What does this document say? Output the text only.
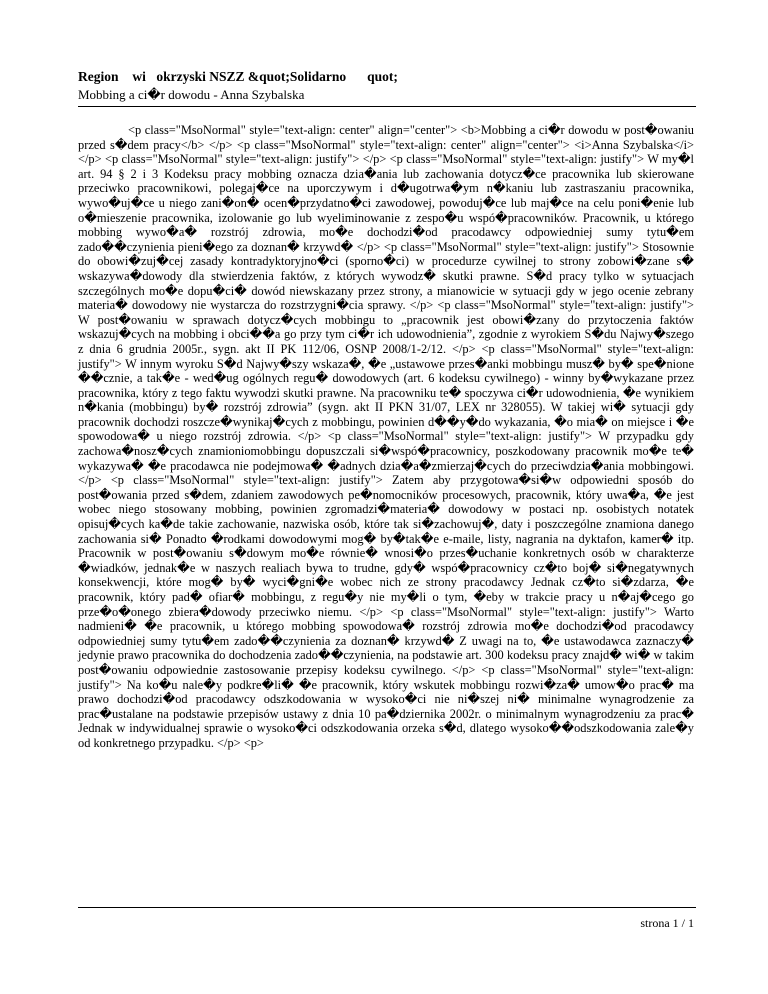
Region  wi okrzyski NSZZ &quot;Solidarno  quot;
Mobbing a ci�r dowodu - Anna Szybalska

<p class="MsoNormal" style="text-align: center" align="center"> <b>Mobbing a ci�r dowodu w post�owaniu przed s�dem pracy</b> </p> <p class="MsoNormal" style="text-align: center" align="center"> <i>Anna Szybalska</i> </p> <p class="MsoNormal" style="text-align: justify"> </p> <p class="MsoNormal" style="text-align: justify"> W my�l art. 94 § 2 i 3 Kodeksu pracy mobbing oznacza dzia�ania lub zachowania dotycz�ce pracownika lub skierowane przeciwko pracownikowi, polegaj�ce na uporczywym i d�ugotrwa�ym n�kaniu lub zastraszaniu pracownika, wywo�uj�ce u niego zani�on� ocen�przydatno�ci zawodowej, powoduj�ce lub maj�ce na celu poni�enie lub o�mieszenie pracownika, izolowanie go lub wyeliminowanie z zespo�u wspó�pracowników. Pracownik, u którego mobbing wywo�a� rozstrój zdrowia, mo�e dochodzi�od pracodawcy odpowiedniej sumy tytu�em zado��czynienia pieni�ego za doznan� krzywd� </p> <p class="MsoNormal" style="text-align: justify"> Stosownie do obowi�zuj�cej zasady kontradyktoryjno�ci (sporno�ci) w procedurze cywilnej to strony zobowi�zane s� wskazywa�dowody dla stwierdzenia faktów, z których wywodz� skutki prawne. S�d pracy tylko w sytuacjach szczególnych mo�e dopu�ci� dowód niewskazany przez strony, a mianowicie w sytuacji gdy w jego ocenie zebrany materia� dowodowy nie wystarcza do rozstrzygni�cia sprawy. </p> <p class="MsoNormal" style="text-align: justify"> W post�owaniu w sprawach dotycz�cych mobbingu to „pracownik jest obowi�zany do przytoczenia faktów wskazuj�cych na mobbing i obci��a go przy tym ci�r ich udowodnienia”, zgodnie z wyrokiem S�du Najwy�szego z dnia 6 grudnia 2005r., sygn. akt II PK 112/06, OSNP 2008/1-2/12. </p> <p class="MsoNormal" style="text-align: justify"> W innym wyroku S�d Najwy�szy wskaza�, �e „ustawowe przes�anki mobbingu musz� by� spe�nione ��cznie, a tak�e - wed�ug ogólnych regu� dowodowych (art. 6 kodeksu cywilnego) - winny by�wykazane przez pracownika, który z tego faktu wywodzi skutki prawne. Na pracowniku te� spoczywa ci�r udowodnienia, �e wynikiem n�kania (mobbingu) by� rozstrój zdrowia” (sygn. akt II PKN 31/07, LEX nr 328055). W takiej wi� sytuacji gdy pracownik dochodzi roszcze�wynikaj�cych z mobbingu, powinien d��y�do wykazania, �o mia� on miejsce i �e spowodowa� u niego rozstrój zdrowia. </p> <p class="MsoNormal" style="text-align: justify"> W przypadku gdy zachowa�nosz�cych znamioniomobbingu dopuszczali si�wspó�pracownicy, poszkodowany pracownik mo�e te� wykazywa� �e pracodawca nie podejmowa� �adnych dzia�a�zmierzaj�cych do przeciwdzia�ania mobbingowi. </p> <p class="MsoNormal" style="text-align: justify"> Zatem aby przygotowa�si�w odpowiedni sposób do post�owania przed s�dem, zdaniem zawodowych pe�nomocników procesowych, pracownik, który uwa�a, �e jest wobec niego stosowany mobbing, powinien zgromadzi�materia� dowodowy w postaci np. osobistych notatek opisuj�cych ka�de takie zachowanie, nazwiska osób, które tak si�zachowuj�, daty i poszczególne znamiona danego zachowania si� Ponadto �rodkami dowodowymi mog� by�tak�e e-maile, listy, nagrania na dyktafon, kamer� itp. Pracownik w post�owaniu s�dowym mo�e równie� wnosi�o przes�uchanie konkretnych osób w charakterze �wiadków, jednak�e w naszych realiach bywa to trudne, gdy� wspó�pracownicy cz�to boj� si�negatywnych konsekwencji, które mog� by� wyci�gni�e wobec nich ze strony pracodawcy Jednak cz�to si�zdarza, �e pracownik, który pad� ofiar� mobbingu, z regu�y nie my�li o tym, �eby w trakcie pracy u n�aj�cego go prze�o�onego zbiera�dowody przeciwko niemu. </p> <p class="MsoNormal" style="text-align: justify"> Warto nadmieni� �e pracownik, u którego mobbing spowodowa� rozstrój zdrowia mo�e dochodzi�od pracodawcy odpowiedniej sumy tytu�em zado��czynienia za doznan� krzywd� Z uwagi na to, �e ustawodawca zaznaczy� jedynie prawo pracownika do dochodzenia zado��czynienia, na podstawie art. 300 kodeksu pracy znajd� wi� w takim post�owaniu odpowiednie zastosowanie przepisy kodeksu cywilnego. </p> <p class="MsoNormal" style="text-align: justify"> Na ko�u nale�y podkre�li� �e pracownik, który wskutek mobbingu rozwi�za� umow�o prac� ma prawo dochodzi�od pracodawcy odszkodowania w wysoko�ci nie ni�szej ni� minimalne wynagrodzenie za prac�ustalane na podstawie przepisów ustawy z dnia 10 pa�dziernika 2002r. o minimalnym wynagrodzeniu za prac� Jednak w indywidualnej sprawie o wysoko�ci odszkodowania orzeka s�d, dlatego wysoko��odszkodowania zale�y od konkretnego przypadku. </p> <p>

strona 1 / 1
